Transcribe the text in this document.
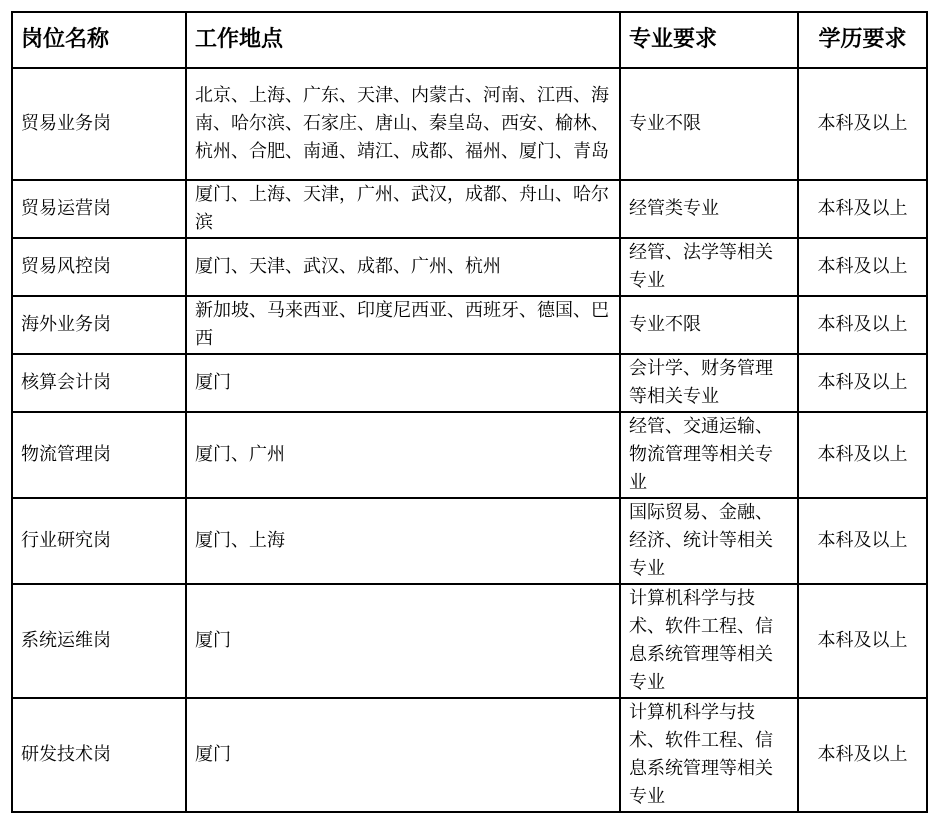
岗位名称	工作地点	专业要求	学历要求
贸易业务岗	北京、上海、广东、天津、内蒙古、河南、江西、海南、哈尔滨、石家庄、唐山、秦皇岛、西安、榆林、杭州、合肥、南通、靖江、成都、福州、厦门、青岛	专业不限	本科及以上
贸易运营岗	厦门、上海、天津，广州、武汉，成都、舟山、哈尔滨	经管类专业	本科及以上
贸易风控岗	厦门、天津、武汉、成都、广州、杭州	经管、法学等相关专业	本科及以上
海外业务岗	新加坡、马来西亚、印度尼西亚、西班牙、德国、巴西	专业不限	本科及以上
核算会计岗	厦门	会计学、财务管理等相关专业	本科及以上
物流管理岗	厦门、广州	经管、交通运输、物流管理等相关专业	本科及以上
行业研究岗	厦门、上海	国际贸易、金融、经济、统计等相关专业	本科及以上
系统运维岗	厦门	计算机科学与技术、软件工程、信息系统管理等相关专业	本科及以上
研发技术岗	厦门	计算机科学与技术、软件工程、信息系统管理等相关专业	本科及以上
